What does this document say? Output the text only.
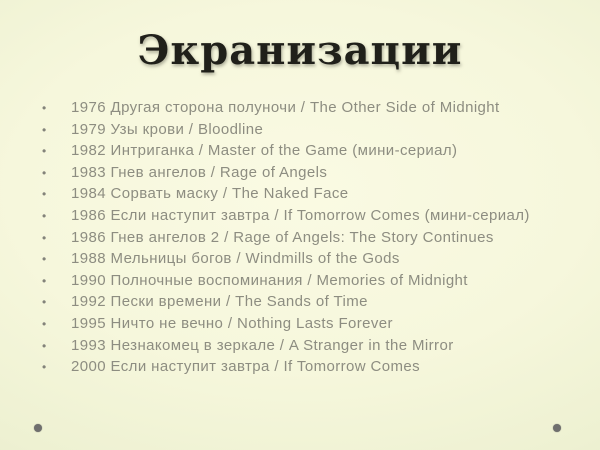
Экранизации
•	1976 Другая сторона полуночи / The Other Side of Midnight
•	1979 Узы крови / Bloodline
•	1982 Интриганка / Master of the Game (мини-сериал)
•	1983 Гнев ангелов / Rage of Angels
•	1984 Сорвать маску / The Naked Face
•	1986 Если наступит завтра / If Tomorrow Comes (мини-сериал)
•	1986 Гнев ангелов 2 / Rage of Angels: The Story Continues
•	1988 Мельницы богов / Windmills of the Gods
•	1990 Полночные воспоминания / Memories of Midnight
•	1992 Пески времени / The Sands of Time
•	1995 Ничто не вечно / Nothing Lasts Forever
•	1993 Незнакомец в зеркале / A Stranger in the Mirror
•	2000 Если наступит завтра / If Tomorrow Comes
